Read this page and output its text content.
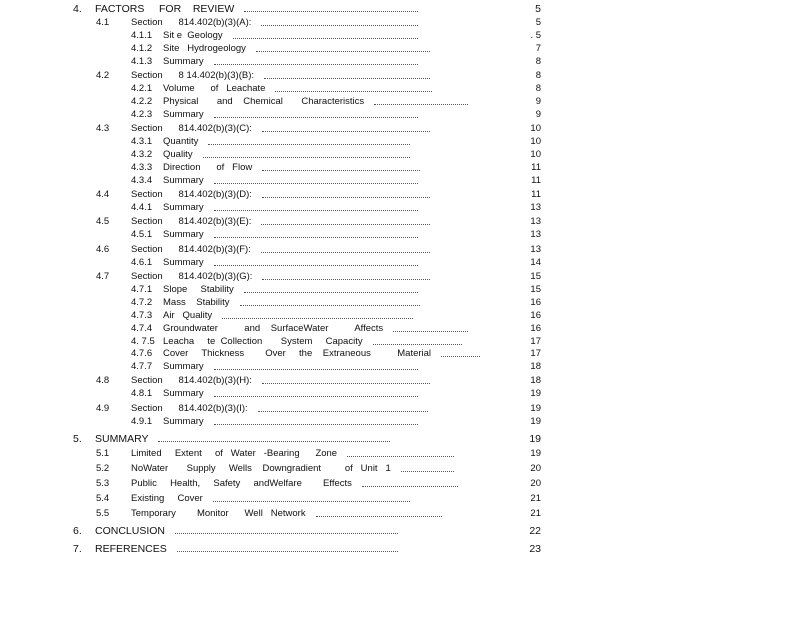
4. FACTORS     FOR    REVIEW	5
4.1 Section      814.402(b)(3)(A):	5
4.1.1 Sit e  Geology	. 5
4.1.2 Site   Hydrogeology	7
4.1.3 Summary	8
4.2 Section      8 14.402(b)(3)(B):	8
4.2.1 Volume      of   Leachate	8
4.2.2 Physical       and    Chemical       Characteristics	9
4.2.3 Summary	9
4.3 Section      814.402(b)(3)(C):	10
4.3.1 Quantity	10
4.3.2 Quality	10
4.3.3 Direction      of   Flow	11
4.3.4 Summary	11
4.4 Section      814.402(b)(3)(D):	11
4.4.1 Summary	13
4.5 Section      814.402(b)(3)(E):	13
4.5.1 Summary	13
4.6 Section      814.402(b)(3)(F):	13
4.6.1 Summary	14
4.7 Section      814.402(b)(3)(G):	15
4.7.1 Slope     Stability	15
4.7.2 Mass    Stability	16
4.7.3 Air   Quality	16
4.7.4 Groundwater          and    SurfaceWater          Affects	16
4. 7.5 Leacha     te  Collection       System     Capacity	17
4.7.6 Cover     Thickness        Over     the    Extraneous          Material	17
4.7.7 Summary	18
4.8 Section      814.402(b)(3)(H):	18
4.8.1 Summary	19
4.9 Section      814.402(b)(3)(I):	19
4.9.1 Summary	19
5. SUMMARY	19
5.1 Limited     Extent     of   Water   -Bearing      Zone	19
5.2 NoWater       Supply     Wells    Downgradient         of   Unit   1	20
5.3 Public     Health,     Safety     andWelfare        Effects	20
5.4 Existing     Cover	21
5.5 Temporary        Monitor      Well   Network	21
6. CONCLUSION	22
7. REFERENCES	23
